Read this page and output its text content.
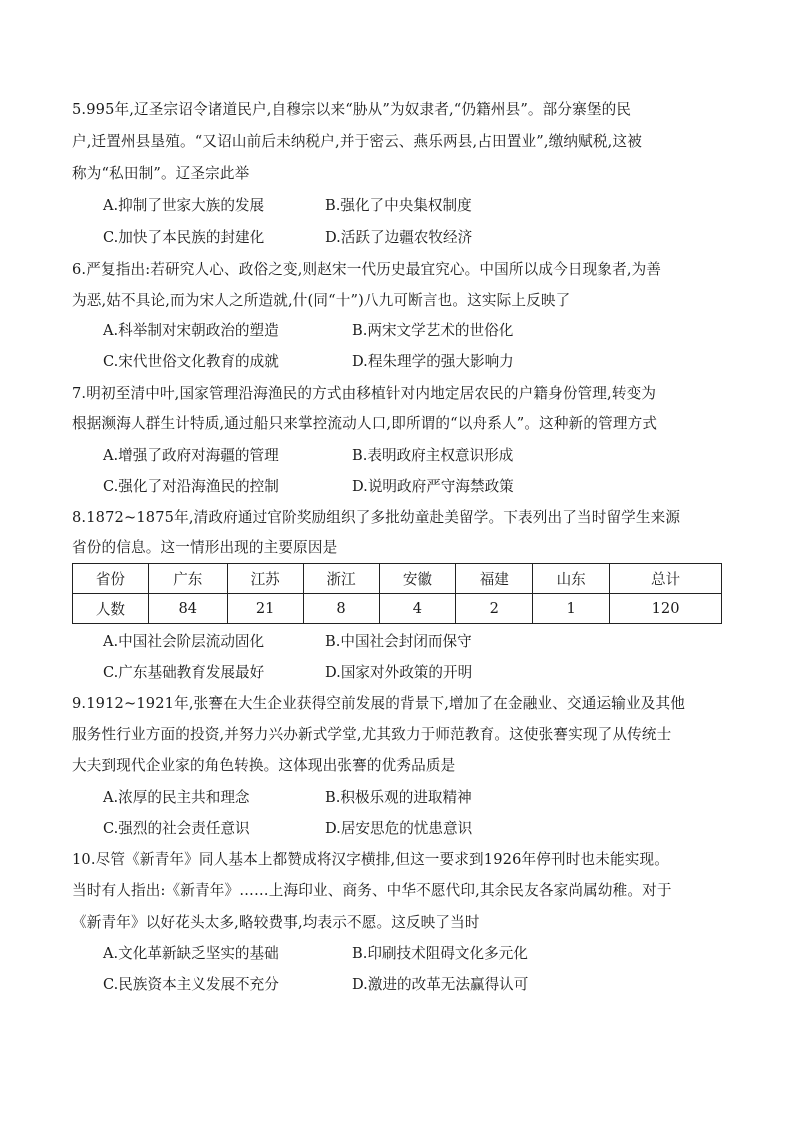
5.995年,辽圣宗诏令诸道民户,自穆宗以来“胁从”为奴隶者,“仍籍州县”。部分寨堡的民
户,迁置州县垦殖。“又诏山前后未纳税户,并于密云、燕乐两县,占田置业”,缴纳赋税,这被
称为“私田制”。辽圣宗此举
A.抑制了世家大族的发展	B.强化了中央集权制度
C.加快了本民族的封建化	D.活跃了边疆农牧经济
6.严复指出:若研究人心、政俗之变,则赵宋一代历史最宜究心。中国所以成今日现象者,为善
为恶,姑不具论,而为宋人之所造就,什(同“十”)八九可断言也。这实际上反映了
A.科举制对宋朝政治的塑造	B.两宋文学艺术的世俗化
C.宋代世俗文化教育的成就	D.程朱理学的强大影响力
7.明初至清中叶,国家管理沿海渔民的方式由移植针对内地定居农民的户籍身份管理,转变为
根据濒海人群生计特质,通过船只来掌控流动人口,即所谓的“以舟系人”。这种新的管理方式
A.增强了政府对海疆的管理	B.表明政府主权意识形成
C.强化了对沿海渔民的控制	D.说明政府严守海禁政策
8.1872~1875年,清政府通过官阶奖励组织了多批幼童赴美留学。下表列出了当时留学生来源
省份的信息。这一情形出现的主要原因是
省份	广东	江苏	浙江	安徽	福建	山东	总计
人数	84	21	8	4	2	1	120
A.中国社会阶层流动固化	B.中国社会封闭而保守
C.广东基础教育发展最好	D.国家对外政策的开明
9.1912~1921年,张謇在大生企业获得空前发展的背景下,增加了在金融业、交通运输业及其他
服务性行业方面的投资,并努力兴办新式学堂,尤其致力于师范教育。这使张謇实现了从传统士
大夫到现代企业家的角色转换。这体现出张謇的优秀品质是
A.浓厚的民主共和理念	B.积极乐观的进取精神
C.强烈的社会责任意识	D.居安思危的忧患意识
10.尽管《新青年》同人基本上都赞成将汉字横排,但这一要求到1926年停刊时也未能实现。
当时有人指出:《新青年》……上海印业、商务、中华不愿代印,其余民友各家尚属幼稚。对于
《新青年》以好花头太多,略较费事,均表示不愿。这反映了当时
A.文化革新缺乏坚实的基础	B.印刷技术阻碍文化多元化
C.民族资本主义发展不充分	D.激进的改革无法赢得认可
